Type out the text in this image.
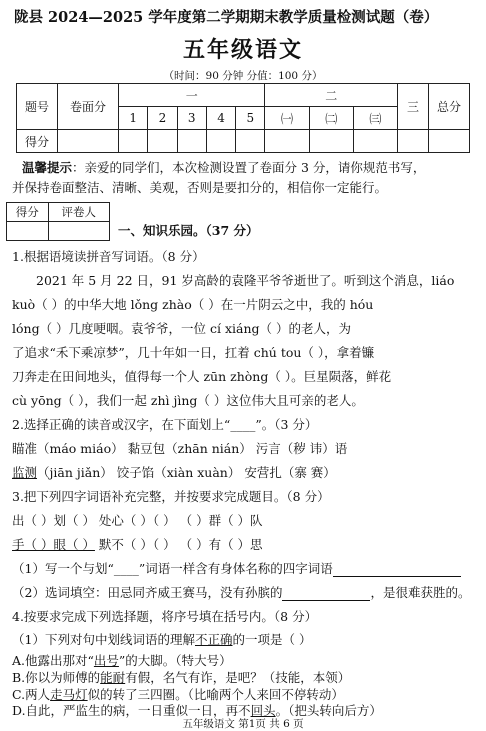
陇县 2024—2025 学年度第二学期期末教学质量检测试题（卷）
五年级语文
（时间：90 分钟 分值：100 分）
题号	卷面分	一					二			三	总分
		1	2	3	4	5	㈠	㈡	㈢		
得分											
温馨提示：亲爱的同学们，本次检测设置了卷面分 3 分，请你规范书写，
并保持卷面整洁、清晰、美观，否则是要扣分的，相信你一定能行。
得分	评卷人

一、知识乐园。（37 分）
1.根据语境读拼音写词语。（8 分）
2021 年 5 月 22 日，91 岁高龄的袁隆平爷爷逝世了。听到这个消息，liáo
kuò（ ）的中华大地 lǒng zhào（ ）在一片阴云之中，我的 hóu
lóng（ ）几度哽咽。袁爷爷，一位 cí xiáng（ ）的老人，为
了追求“禾下乘凉梦”，几十年如一日，扛着 chú tou（ ），拿着镰
刀奔走在田间地头，值得每一个人 zūn zhòng（ ）。巨星陨落，鲜花
cù yōng（ ），我们一起 zhì jìng（ ）这位伟大且可亲的老人。
2.选择正确的读音或汉字，在下面划上“____”。（3 分）
瞄准（máo miáo） 黏豆包（zhān nián） 污言（秽 讳）语
监测（jiān jiǎn） 饺子馅（xiàn xuàn） 安营扎（寨 赛）
3.把下列四字词语补充完整，并按要求完成题目。（8 分）
出（ ）划（ ） 处心（ ）（ ） （ ）群（ ）队
手（ ）眼（ ） 默不（ ）（ ） （ ）有（ ）思
（1）写一个与划“____”词语一样含有身体名称的四字词语
（2）选词填空：田忌同齐威王赛马，没有孙膑的	，是很难获胜的。
4.按要求完成下列选择题，将序号填在括号内。（8 分）
（1）下列对句中划线词语的理解不正确的一项是（ ）
A.他露出那对“出号”的大脚。（特大号）
B.你以为师傅的能耐有假，名气有诈，是吧？（技能，本领）
C.两人走马灯似的转了三四圈。（比喻两个人来回不停转动）
五年级语文 第1页 共 6 页
D.自此，严监生的病，一日重似一日，再不回头。（把头转向后方）
